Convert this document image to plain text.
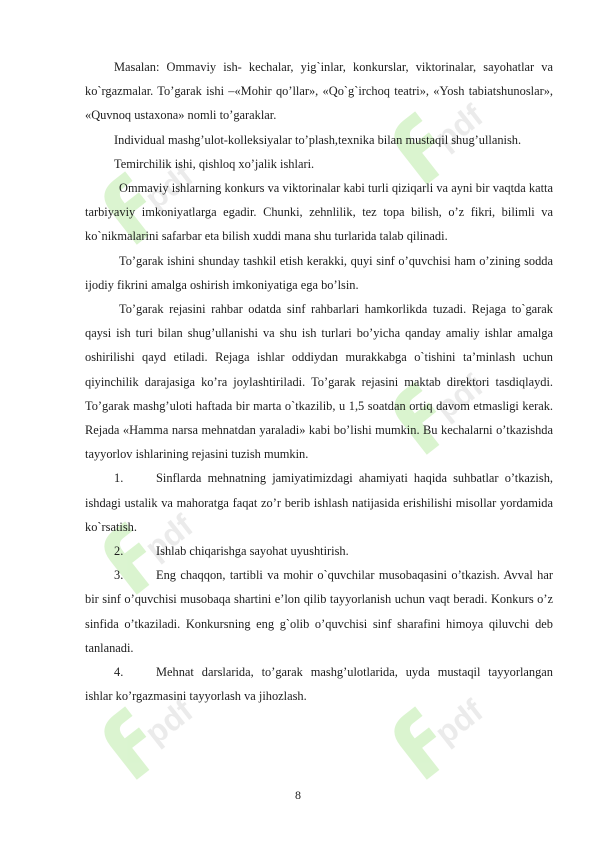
pdf
pdf
pdf
pdf
pdf	pdf

Masalan: Ommaviy ish- kechalar, yig`inlar, konkurslar, viktorinalar, sayohatlar va ko`rgazmalar. To’garak ishi –«Mohir qo’llar», «Qo`g`irchoq teatri», «Yosh tabiatshunoslar», «Quvnoq ustaxona» nomli to’garaklar.

Individual mashg’ulot-kolleksiyalar to’plash,texnika bilan mustaqil shug’ullanish.

Temirchilik ishi, qishloq xo’jalik ishlari.

Ommaviy ishlarning konkurs va viktorinalar kabi turli qiziqarli va ayni bir vaqtda katta tarbiyaviy imkoniyatlarga egadir. Chunki, zehnlilik, tez topa bilish, o’z fikri, bilimli va ko`nikmalarini safarbar eta bilish xuddi mana shu turlarida talab qilinadi.

To’garak ishini shunday tashkil etish kerakki, quyi sinf o’quvchisi ham o’zining sodda ijodiy fikrini amalga oshirish imkoniyatiga ega bo’lsin.

To’garak rejasini rahbar odatda sinf rahbarlari hamkorlikda tuzadi. Rejaga to`garak qaysi ish turi bilan shug’ullanishi va shu ish turlari bo’yicha qanday amaliy ishlar amalga oshirilishi qayd etiladi. Rejaga ishlar oddiydan murakkabga o`tishini ta’minlash uchun qiyinchilik darajasiga ko’ra joylashtiriladi. To’garak rejasini maktab direktori tasdiqlaydi. To’garak mashg’uloti haftada bir marta o`tkazilib, u 1,5 soatdan ortiq davom etmasligi kerak. Rejada «Hamma narsa mehnatdan yaraladi» kabi bo’lishi mumkin. Bu kechalarni o’tkazishda tayyorlov ishlarining rejasini tuzish mumkin.

1.	Sinflarda mehnatning jamiyatimizdagi ahamiyati haqida suhbatlar o’tkazish, ishdagi ustalik va mahoratga faqat zo’r berib ishlash natijasida erishilishi misollar yordamida ko`rsatish.

2.	Ishlab chiqarishga sayohat uyushtirish.

3.	Eng chaqqon, tartibli va mohir o`quvchilar musobaqasini o’tkazish. Avval har bir sinf o’quvchisi musobaqa shartini e’lon qilib tayyorlanish uchun vaqt beradi. Konkurs o’z sinfida o’tkaziladi. Konkursning eng g`olib o’quvchisi sinf sharafini himoya qiluvchi deb tanlanadi.

4.	Mehnat darslarida, to’garak mashg’ulotlarida, uyda mustaqil tayyorlangan ishlar ko’rgazmasini tayyorlash va jihozlash.

8
